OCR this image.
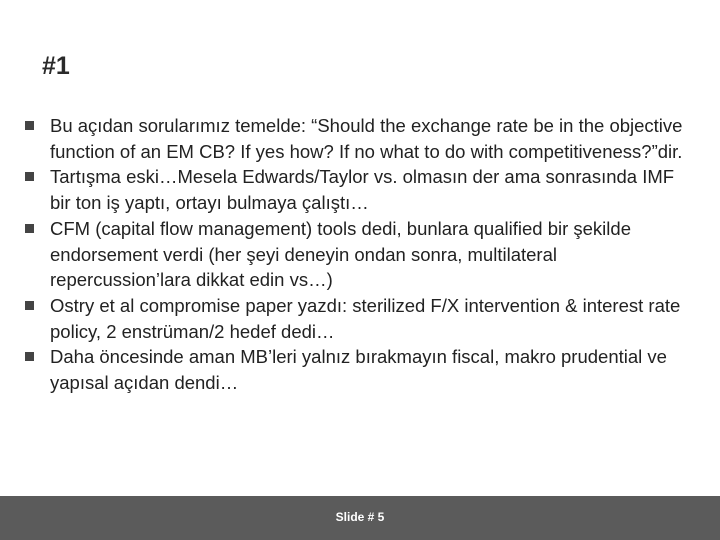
#1
Bu açıdan sorularımız temelde: “Should the exchange rate be in the objective function of an EM CB? If yes how? If no what to do with competitiveness?”dir.
Tartışma eski…Mesela Edwards/Taylor vs. olmasın der ama sonrasında IMF bir ton iş yaptı, ortayı bulmaya çalıştı…
CFM (capital flow management) tools dedi, bunlara qualified bir şekilde endorsement verdi (her şeyi deneyin ondan sonra, multilateral repercussion’lara dikkat edin vs…)
Ostry et al compromise paper yazdı: sterilized F/X intervention & interest rate policy, 2 enstrüman/2 hedef dedi…
Daha öncesinde aman MB’leri yalnız bırakmayın fiscal, makro prudential ve yapısal açıdan dendi…
Slide # 5
